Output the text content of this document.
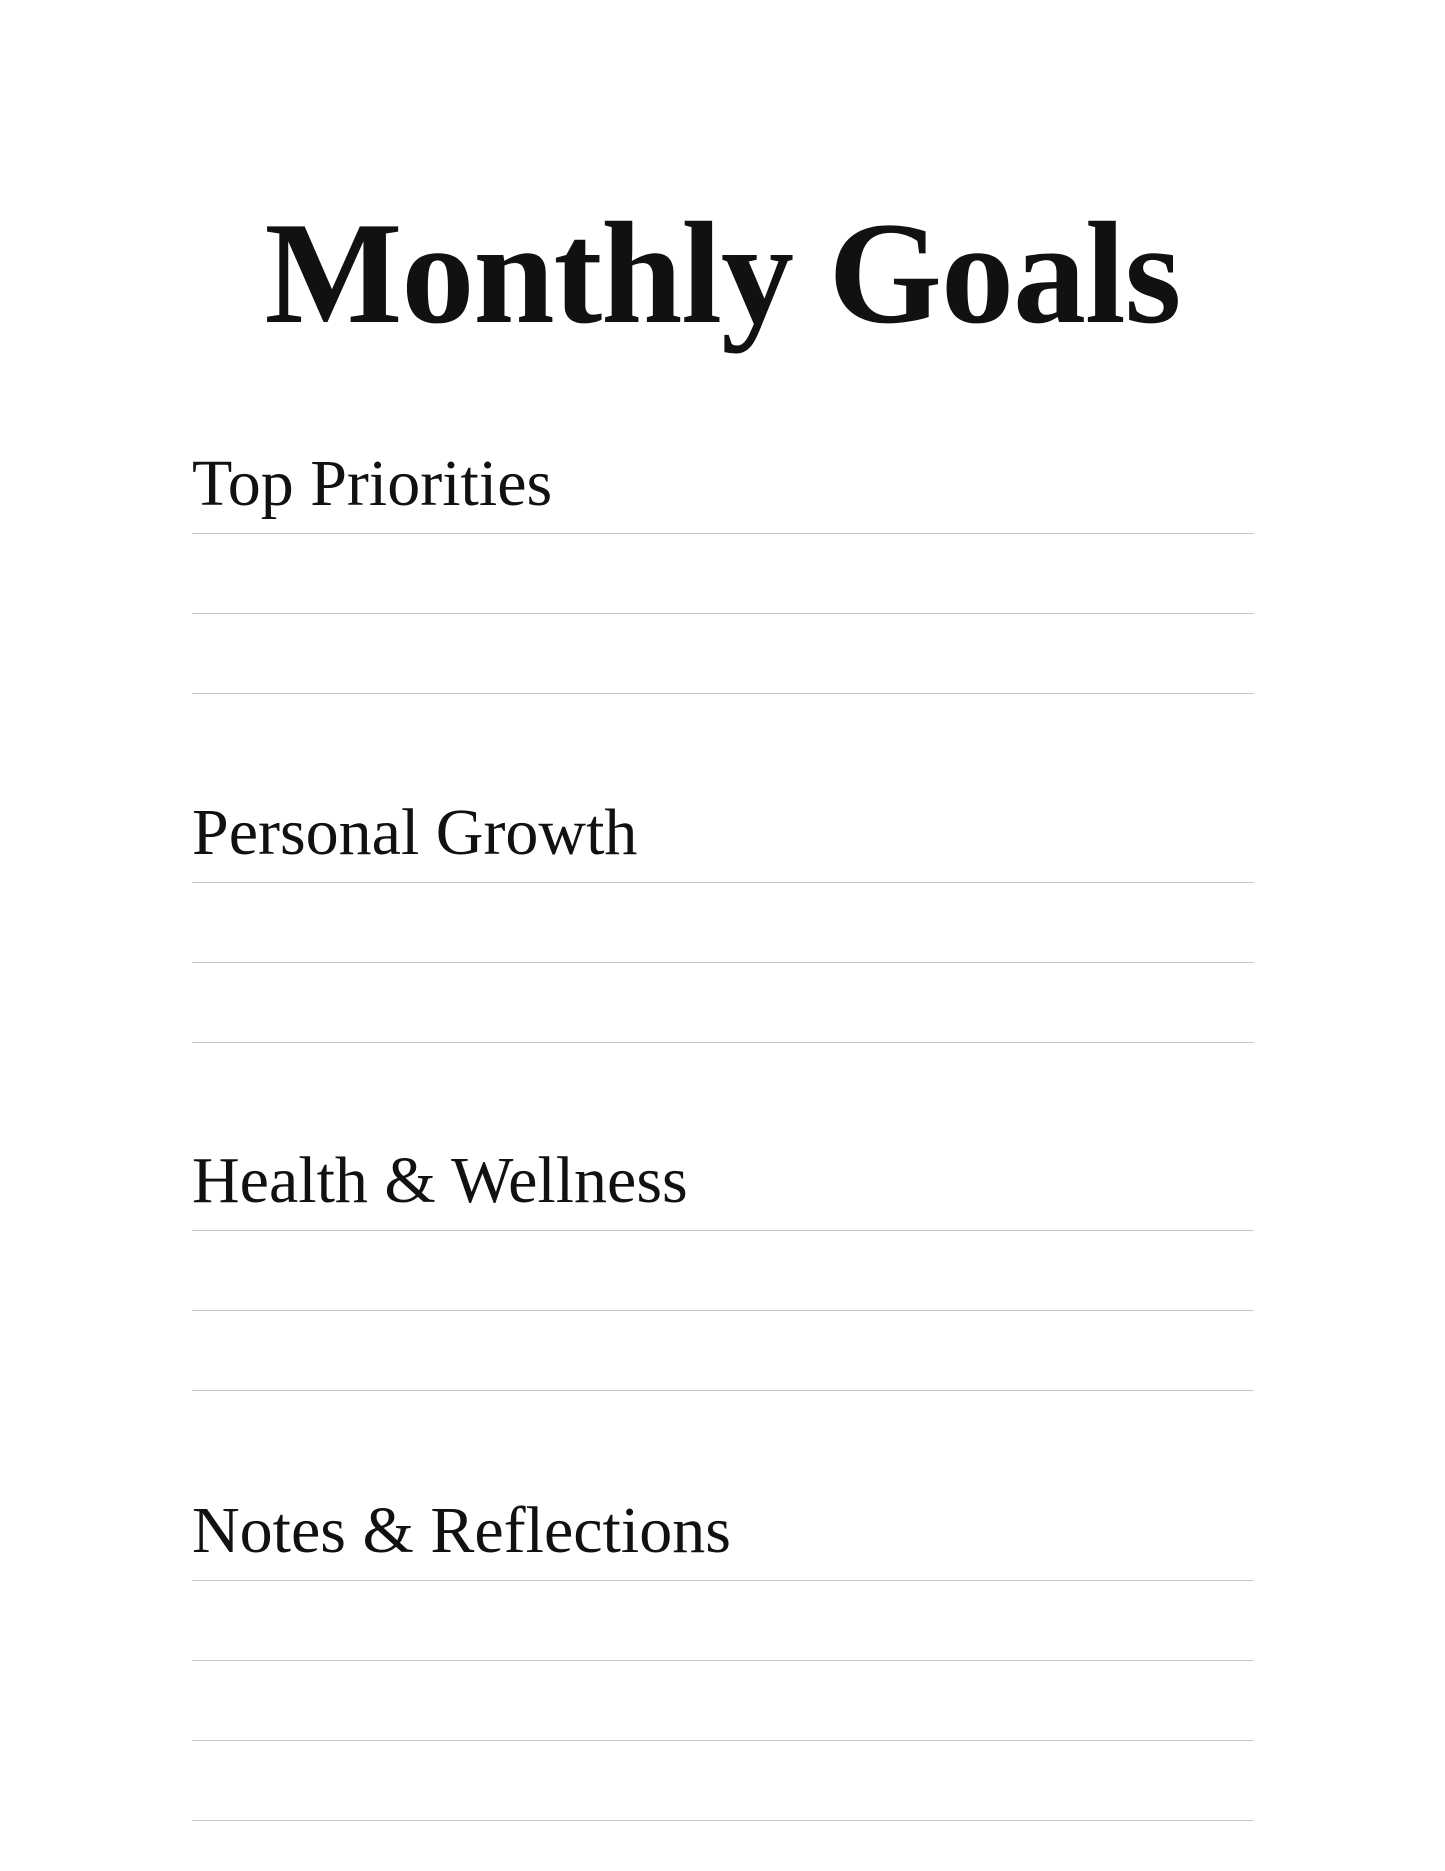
Monthly Goals
Top Priorities
Personal Growth
Health & Wellness
Notes & Reflections
